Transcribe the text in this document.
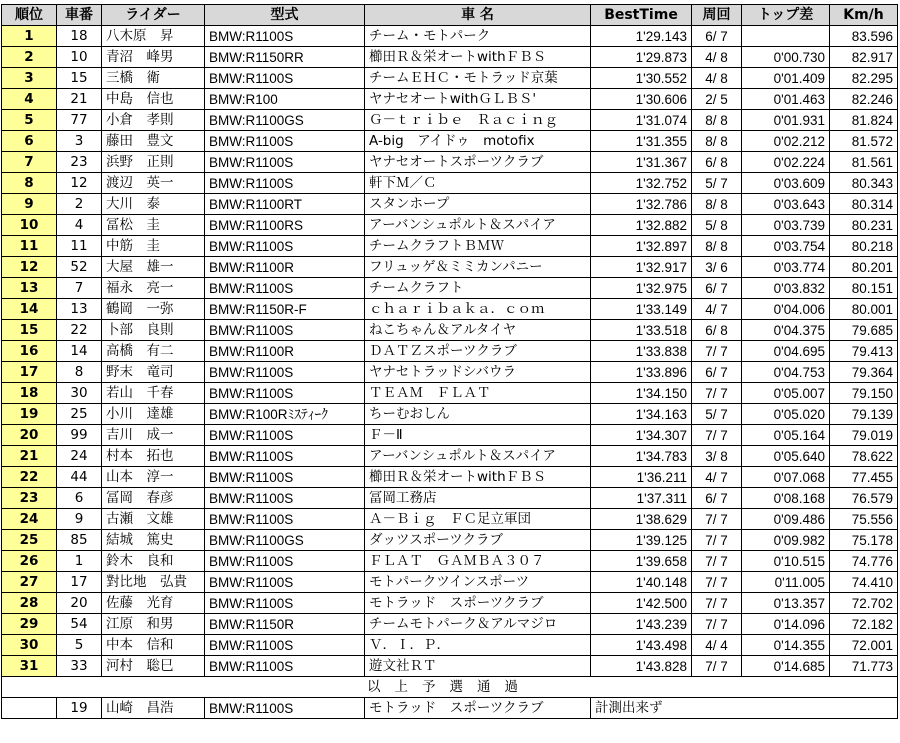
順位	車番	ライダー	型式	車 名	BestTime	周回	トップ差	Km/h
1	18	八木原　昇	BMW:R1100S	チーム・モトパーク	1'29.143	6/ 7		83.596
2	10	青沼　峰男	BMW:R1150RR	櫛田Ｒ＆栄オートwithＦＢＳ	1'29.873	4/ 8	0'00.730	82.917
3	15	三橋　衛	BMW:R1100S	チームＥＨＣ・モトラッド京葉	1'30.552	4/ 8	0'01.409	82.295
4	21	中島　信也	BMW:R100	ヤナセオートwithＧＬＢＳ'	1'30.606	2/ 5	0'01.463	82.246
5	77	小倉　孝則	BMW:R1100GS	Ｇ－ｔｒｉｂｅ　Ｒａｃｉｎｇ	1'31.074	8/ 8	0'01.931	81.824
6	3	藤田　豊文	BMW:R1100S	A-big　アイドゥ　motofix	1'31.355	8/ 8	0'02.212	81.572
7	23	浜野　正則	BMW:R1100S	ヤナセオートスポーツクラブ	1'31.367	6/ 8	0'02.224	81.561
8	12	渡辺　英一	BMW:R1100S	軒下Ｍ／Ｃ	1'32.752	5/ 7	0'03.609	80.343
9	2	大川　泰	BMW:R1100RT	スタンホープ	1'32.786	8/ 8	0'03.643	80.314
10	4	冨松　圭	BMW:R1100RS	アーバンシュポルト＆スパイア	1'32.882	5/ 8	0'03.739	80.231
11	11	中筋　圭	BMW:R1100S	チームクラフトＢＭＷ	1'32.897	8/ 8	0'03.754	80.218
12	52	大屋　雄一	BMW:R1100R	フリュッゲ＆ミミカンパニー	1'32.917	3/ 6	0'03.774	80.201
13	7	福永　亮一	BMW:R1100S	チームクラフト	1'32.975	6/ 7	0'03.832	80.151
14	13	鶴岡　一弥	BMW:R1150R-F	ｃｈａｒｉｂａｋａ．ｃｏｍ	1'33.149	4/ 7	0'04.006	80.001
15	22	卜部　良則	BMW:R1100S	ねこちゃん＆アルタイヤ	1'33.518	6/ 8	0'04.375	79.685
16	14	高橋　有二	BMW:R1100R	ＤＡＴＺスポーツクラブ	1'33.838	7/ 7	0'04.695	79.413
17	8	野末　竜司	BMW:R1100S	ヤナセトラッドシバウラ	1'33.896	6/ 7	0'04.753	79.364
18	30	若山　千春	BMW:R1100S	ＴＥＡＭ　ＦＬＡＴ	1'34.150	7/ 7	0'05.007	79.150
19	25	小川　達雄	BMW:R100Rﾐｽﾃｨｰｸ	ちーむおしん	1'34.163	5/ 7	0'05.020	79.139
20	99	吉川　成一	BMW:R1100S	Ｆ－Ⅱ	1'34.307	7/ 7	0'05.164	79.019
21	24	村本　拓也	BMW:R1100S	アーバンシュポルト＆スパイア	1'34.783	3/ 8	0'05.640	78.622
22	44	山本　淳一	BMW:R1100S	櫛田Ｒ＆栄オートwithＦＢＳ	1'36.211	4/ 7	0'07.068	77.455
23	6	冨岡　春彦	BMW:R1100S	冨岡工務店	1'37.311	6/ 7	0'08.168	76.579
24	9	古瀬　文雄	BMW:R1100S	Ａ－Ｂｉｇ　ＦＣ足立軍団	1'38.629	7/ 7	0'09.486	75.556
25	85	結城　篤史	BMW:R1100GS	ダッツスポーツクラブ	1'39.125	7/ 7	0'09.982	75.178
26	1	鈴木　良和	BMW:R1100S	ＦＬＡＴ　ＧＡＭＢＡ３０７	1'39.658	7/ 7	0'10.515	74.776
27	17	對比地　弘貴	BMW:R1100S	モトパークツインスポーツ	1'40.148	7/ 7	0'11.005	74.410
28	20	佐藤　光育	BMW:R1100S	モトラッド　スポーツクラブ	1'42.500	7/ 7	0'13.357	72.702
29	54	江原　和男	BMW:R1150R	チームモトパーク＆アルマジロ	1'43.239	7/ 7	0'14.096	72.182
30	5	中本　信和	BMW:R1100S	Ｖ．Ｉ．Ｐ．	1'43.498	4/ 4	0'14.355	72.001
31	33	河村　聡巳	BMW:R1100S	遊文社ＲＴ	1'43.828	7/ 7	0'14.685	71.773
以上予選通過								
	19	山崎　昌浩	BMW:R1100S	モトラッド　スポーツクラブ	計測出来ず			
